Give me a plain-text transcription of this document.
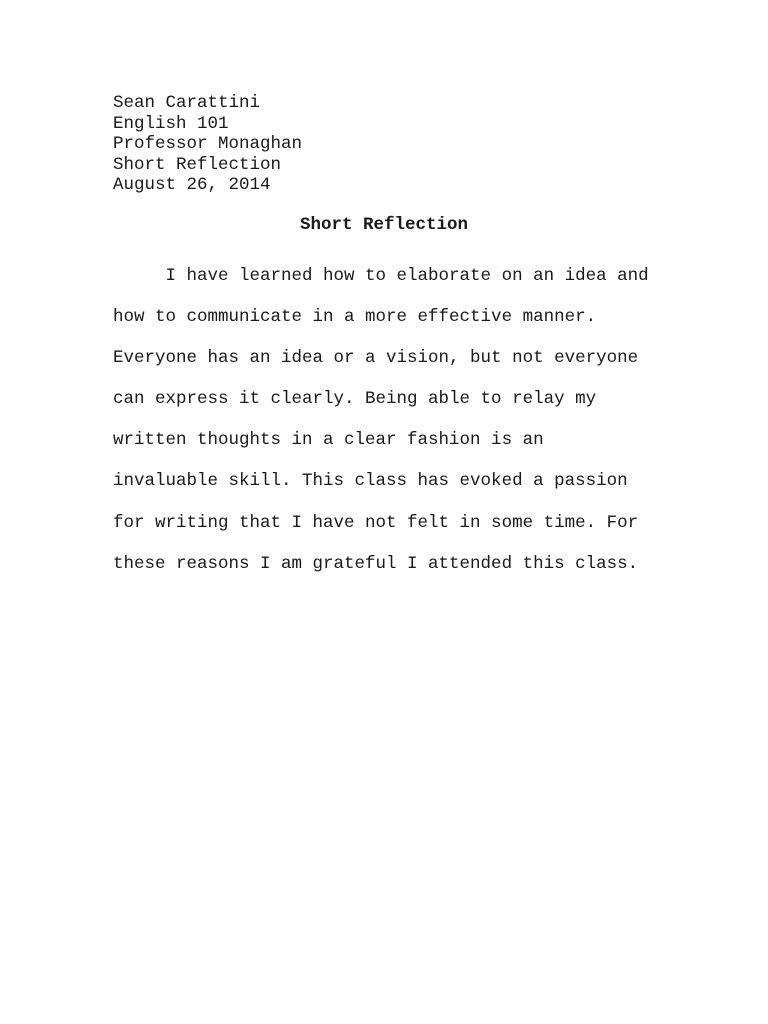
Sean Carattini
English 101
Professor Monaghan
Short Reflection
August 26, 2014
Short Reflection
I have learned how to elaborate on an idea and
how to communicate in a more effective manner.
Everyone has an idea or a vision, but not everyone
can express it clearly. Being able to relay my
written thoughts in a clear fashion is an
invaluable skill. This class has evoked a passion
for writing that I have not felt in some time. For
these reasons I am grateful I attended this class.
